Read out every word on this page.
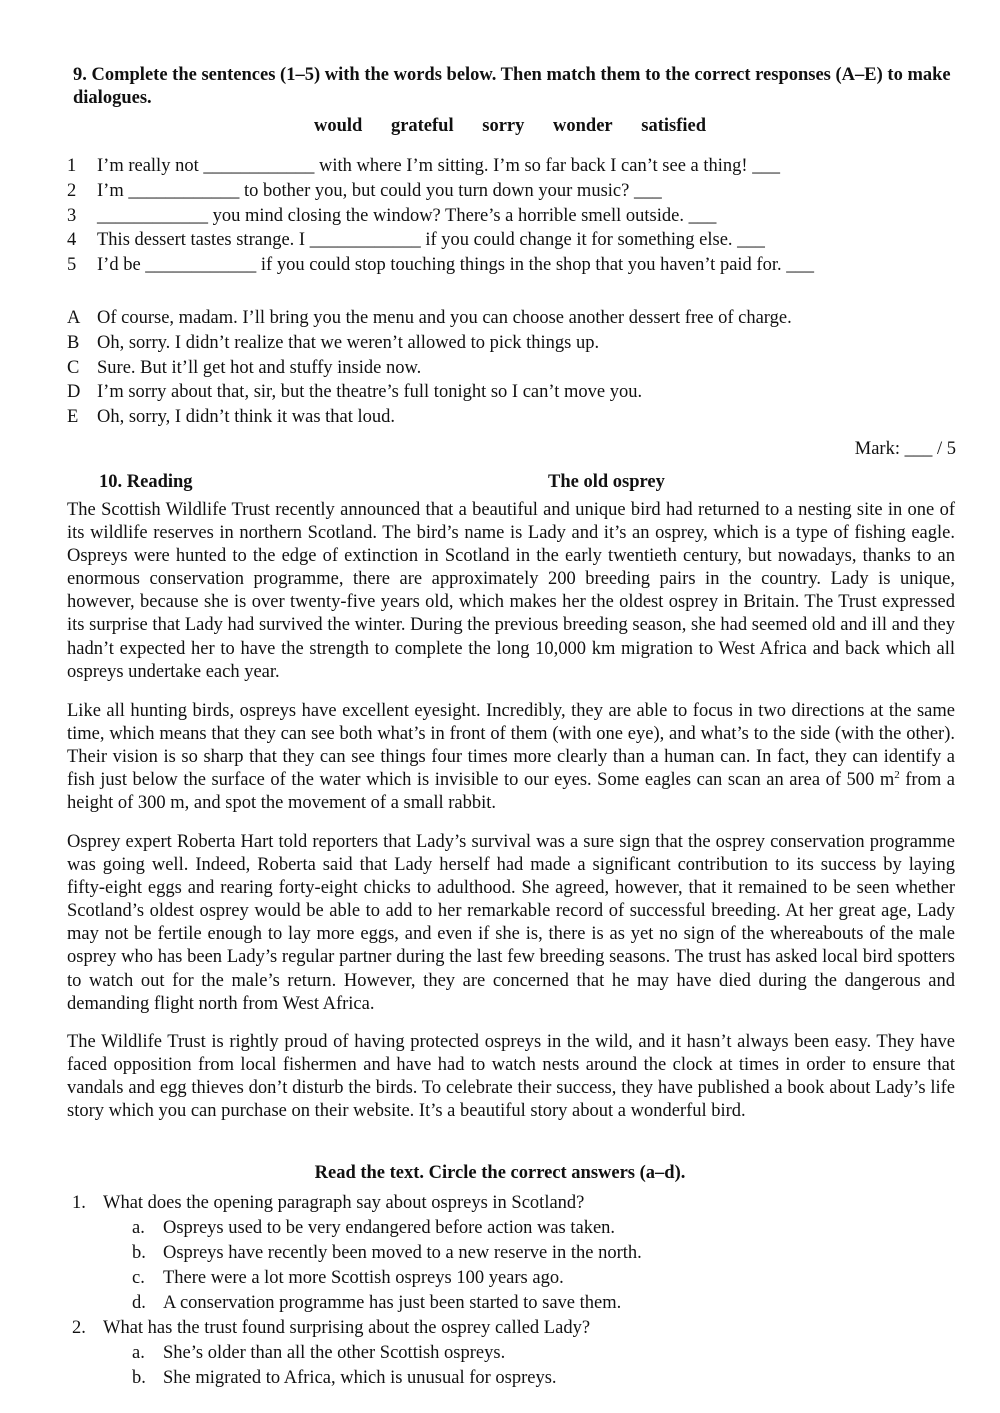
9. Complete the sentences (1–5) with the words below. Then match them to the correct responses (A–E) to make dialogues.
would grateful sorry wonder satisfied
1 I’m really not ____________ with where I’m sitting. I’m so far back I can’t see a thing! ___
2 I’m ____________ to bother you, but could you turn down your music? ___
3 ____________ you mind closing the window? There’s a horrible smell outside. ___
4 This dessert tastes strange. I ____________ if you could change it for something else. ___
5 I’d be ____________ if you could stop touching things in the shop that you haven’t paid for. ___
A Of course, madam. I’ll bring you the menu and you can choose another dessert free of charge.
B Oh, sorry. I didn’t realize that we weren’t allowed to pick things up.
C Sure. But it’ll get hot and stuffy inside now.
D I’m sorry about that, sir, but the theatre’s full tonight so I can’t move you.
E Oh, sorry, I didn’t think it was that loud.
Mark: ___ / 5
10. Reading	The old osprey

The Scottish Wildlife Trust recently announced that a beautiful and unique bird had returned to a nesting site in one of its wildlife reserves in northern Scotland. The bird’s name is Lady and it’s an osprey, which is a type of fishing eagle. Ospreys were hunted to the edge of extinction in Scotland in the early twentieth century, but nowadays, thanks to an enormous conservation programme, there are approximately 200 breeding pairs in the country. Lady is unique, however, because she is over twenty-five years old, which makes her the oldest osprey in Britain. The Trust expressed its surprise that Lady had survived the winter. During the previous breeding season, she had seemed old and ill and they hadn’t expected her to have the strength to complete the long 10,000 km migration to West Africa and back which all ospreys undertake each year.

Like all hunting birds, ospreys have excellent eyesight. Incredibly, they are able to focus in two directions at the same time, which means that they can see both what’s in front of them (with one eye), and what’s to the side (with the other). Their vision is so sharp that they can see things four times more clearly than a human can. In fact, they can identify a fish just below the surface of the water which is invisible to our eyes. Some eagles can scan an area of 500 $m^2$ from a height of 300 m, and spot the movement of a small rabbit.

Osprey expert Roberta Hart told reporters that Lady’s survival was a sure sign that the osprey conservation programme was going well. Indeed, Roberta said that Lady herself had made a significant contribution to its success by laying fifty-eight eggs and rearing forty-eight chicks to adulthood. She agreed, however, that it remained to be seen whether Scotland’s oldest osprey would be able to add to her remarkable record of successful breeding. At her great age, Lady may not be fertile enough to lay more eggs, and even if she is, there is as yet no sign of the whereabouts of the male osprey who has been Lady’s regular partner during the last few breeding seasons. The trust has asked local bird spotters to watch out for the male’s return. However, they are concerned that he may have died during the dangerous and demanding flight north from West Africa.

The Wildlife Trust is rightly proud of having protected ospreys in the wild, and it hasn’t always been easy. They have faced opposition from local fishermen and have had to watch nests around the clock at times in order to ensure that vandals and egg thieves don’t disturb the birds. To celebrate their success, they have published a book about Lady’s life story which you can purchase on their website. It’s a beautiful story about a wonderful bird.

Read the text. Circle the correct answers (a–d).
1. What does the opening paragraph say about ospreys in Scotland?
a. Ospreys used to be very endangered before action was taken.
b. Ospreys have recently been moved to a new reserve in the north.
c. There were a lot more Scottish ospreys 100 years ago.
d. A conservation programme has just been started to save them.
2. What has the trust found surprising about the osprey called Lady?
a. She’s older than all the other Scottish ospreys.
b. She migrated to Africa, which is unusual for ospreys.
